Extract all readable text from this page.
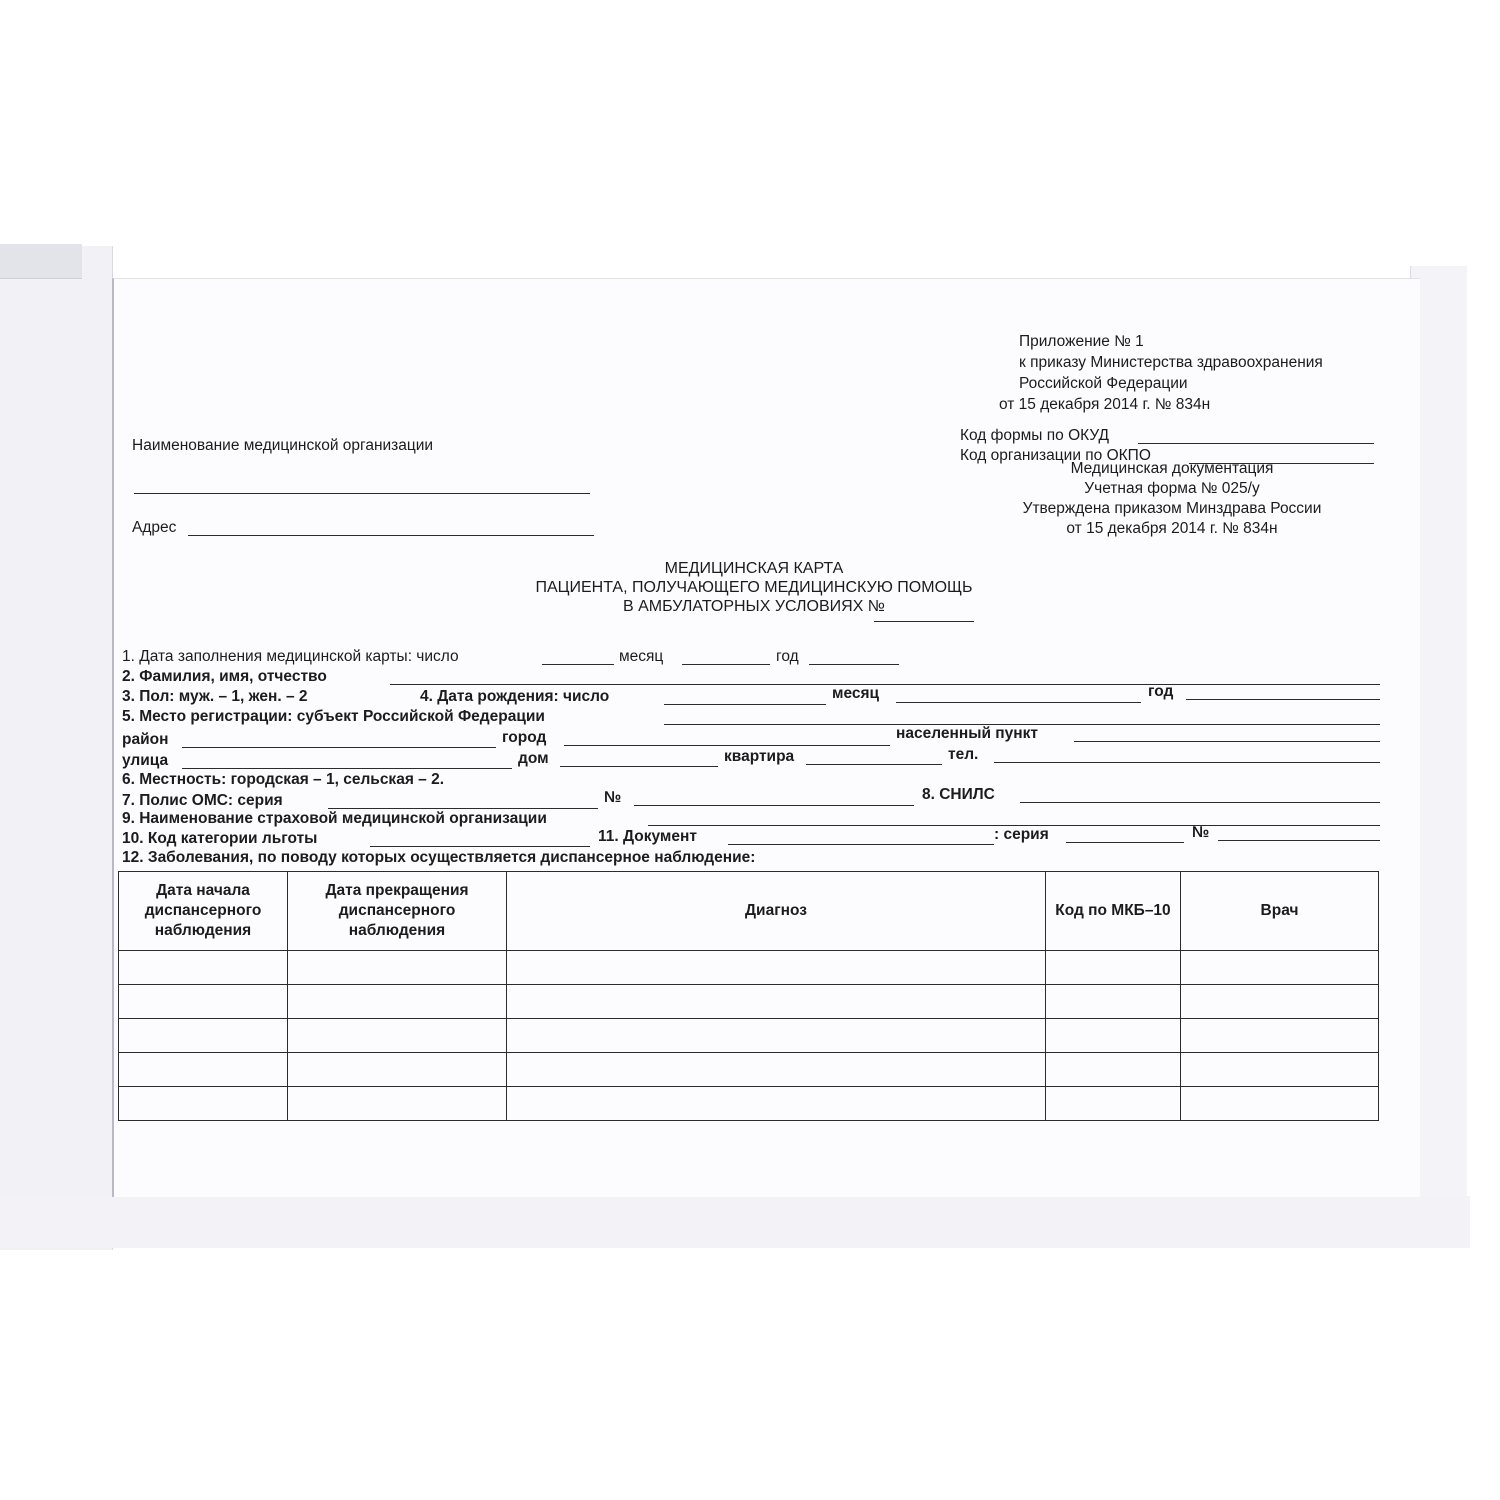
Приложение № 1
к приказу Министерства здравоохранения
Российской Федерации
от 15 декабря 2014 г. № 834н
Код формы по ОКУД
Код организации по ОКПО
Медицинская документация
Учетная форма № 025/у
Утверждена приказом Минздрава России
от 15 декабря 2014 г. № 834н
Наименование медицинской организации
Адрес
МЕДИЦИНСКАЯ КАРТА
ПАЦИЕНТА, ПОЛУЧАЮЩЕГО МЕДИЦИНСКУЮ ПОМОЩЬ
В АМБУЛАТОРНЫХ УСЛОВИЯХ №
1. Дата заполнения медицинской карты: число	месяц	год
2. Фамилия, имя, отчество
3. Пол: муж. – 1, жен. – 2	4. Дата рождения: число	месяц	год
5. Место регистрации: субъект Российской Федерации
район	город	населенный пункт
улица	дом	квартира	тел.
6. Местность: городская – 1, сельская – 2.
7. Полис ОМС: серия	№	8. СНИЛС
9. Наименование страховой медицинской организации
10. Код категории льготы	11. Документ	: серия	№
12. Заболевания, по поводу которых осуществляется диспансерное наблюдение:
Дата начала диспансерного наблюдения	Дата прекращения диспансерного наблюдения	Диагноз	Код по МКБ–10	Врач
